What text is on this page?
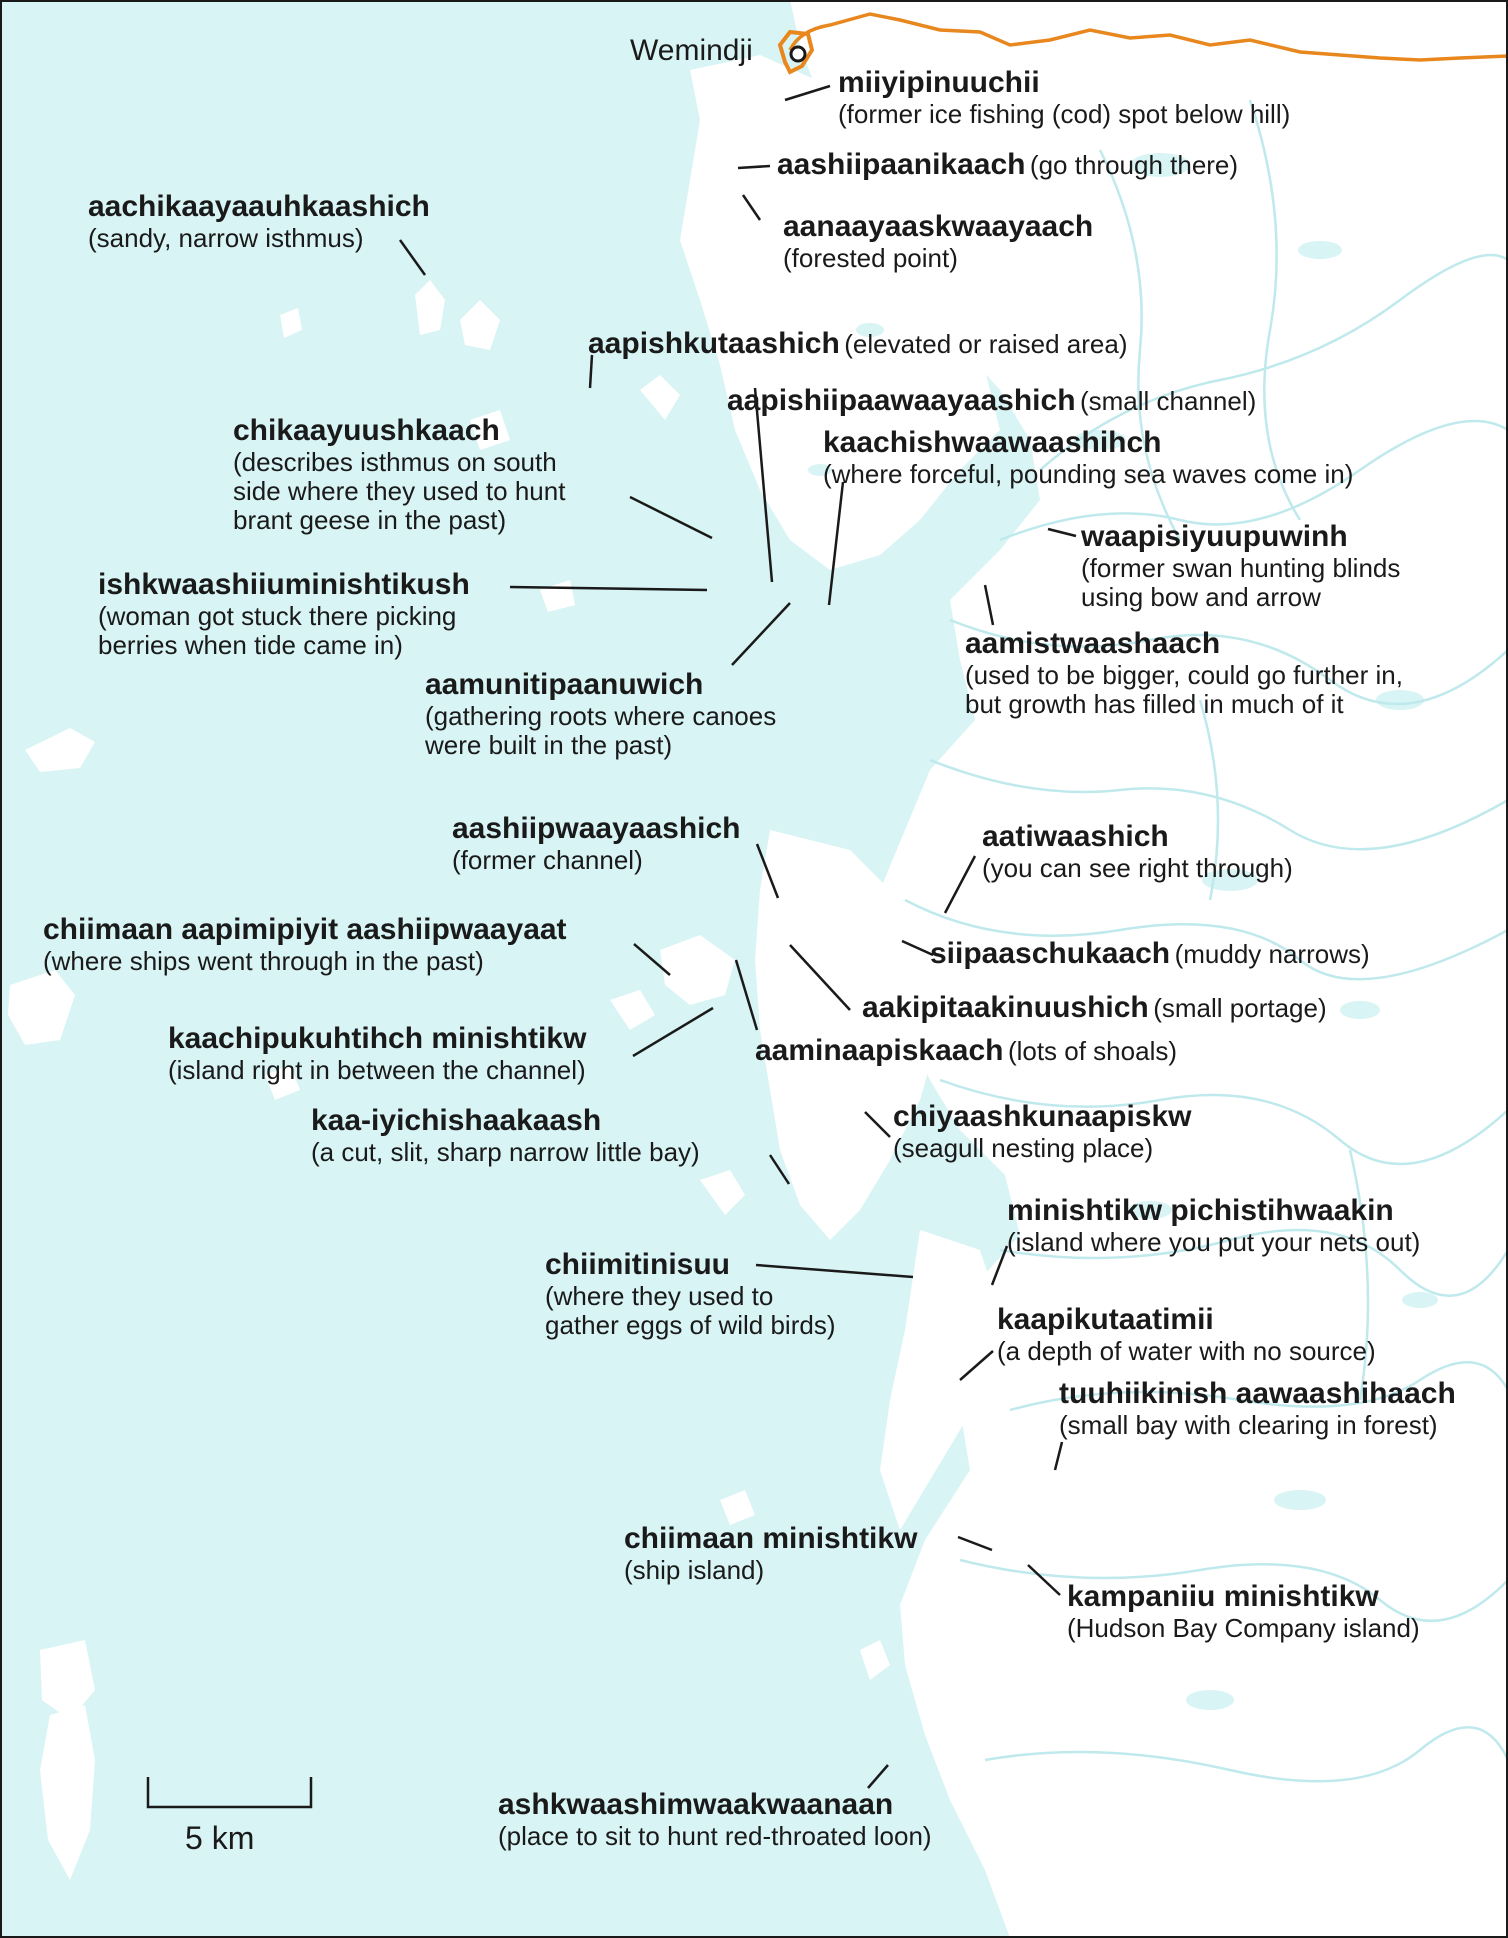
Wemindji
5 km
miiyipinuuchii
(former ice fishing (cod) spot below hill)
aashiipaanikaach (go through there)
aachikaayaauhkaashich
(sandy, narrow isthmus)	aanaayaaskwaayaach
(forested point)
aapishkutaashich (elevated or raised area)
aapishiipaawaayaashich (small channel)
chikaayuushkaach
(describes isthmus on south
side where they used to hunt
brant geese in the past)
kaachishwaawaashihch
(where forceful, pounding sea waves come in)
waapisiyuupuwinh
(former swan hunting blinds
using bow and arrow
ishkwaashiiuminishtikush
(woman got stuck there picking
berries when tide came in)	aamistwaashaach
(used to be bigger, could go further in,
but growth has filled in much of it
aamunitipaanuwich
(gathering roots where canoes
were built in the past)
aashiipwaayaashich
(former channel)
aatiwaashich
(you can see right through)
chiimaan aapimipiyit aashiipwaayaat
(where ships went through in the past)	siipaaschukaach (muddy narrows)
aakipitaakinuushich (small portage)
kaachipukuhtihch minishtikw
(island right in between the channel)
aaminaapiskaach (lots of shoals)
kaa-iyichishaakaash
(a cut, slit, sharp narrow little bay)
chiyaashkunaapiskw
(seagull nesting place)
minishtikw pichistihwaakin
(island where you put your nets out)
chiimitinisuu
(where they used to
gather eggs of wild birds)	kaapikutaatimii
(a depth of water with no source)
tuuhiikinish aawaashihaach
(small bay with clearing in forest)
chiimaan minishtikw
(ship island)
kampaniiu minishtikw
(Hudson Bay Company island)
ashkwaashimwaakwaanaan
(place to sit to hunt red-throated loon)
